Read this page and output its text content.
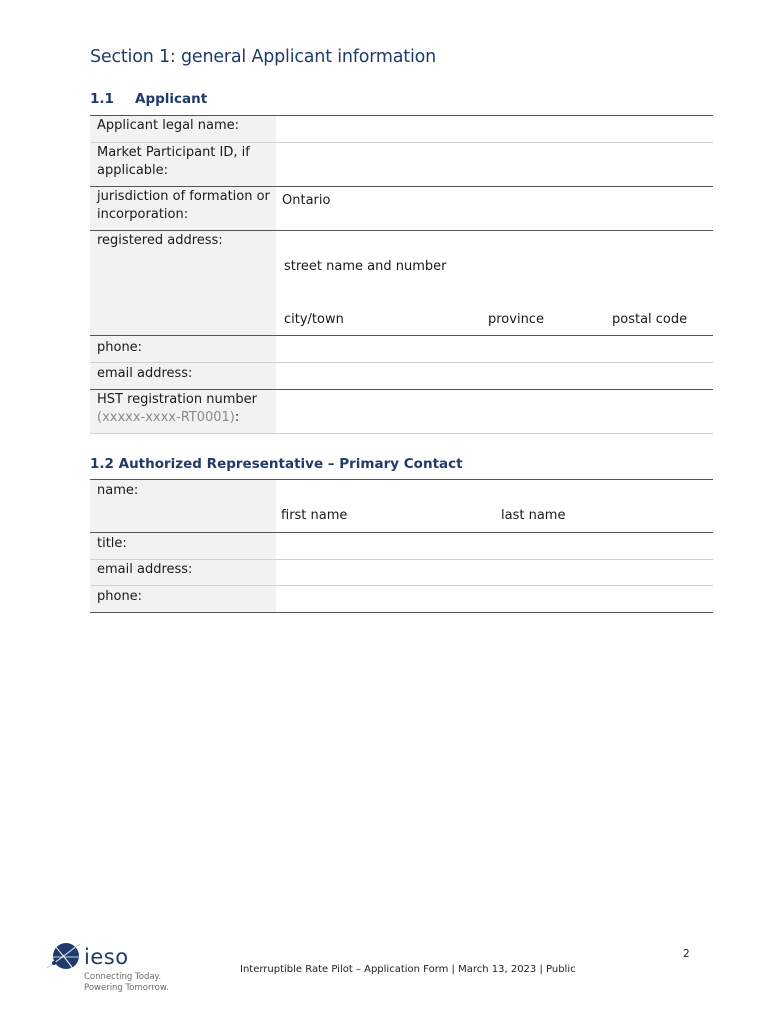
Section 1: general Applicant information
1.1 Applicant
Applicant legal name:
Market Participant ID, if
applicable:
jurisdiction of formation or
incorporation:
Ontario
registered address:
street name and number
city/town	province	postal code
phone:
email address:
HST registration number
(xxxxx-xxxx-RT0001):
1.2 Authorized Representative – Primary Contact
name:
first name	last name
title:
email address:
phone:
ieso
Connecting Today.
Powering Tomorrow.
Interruptible Rate Pilot – Application Form | March 13, 2023 | Public
2
